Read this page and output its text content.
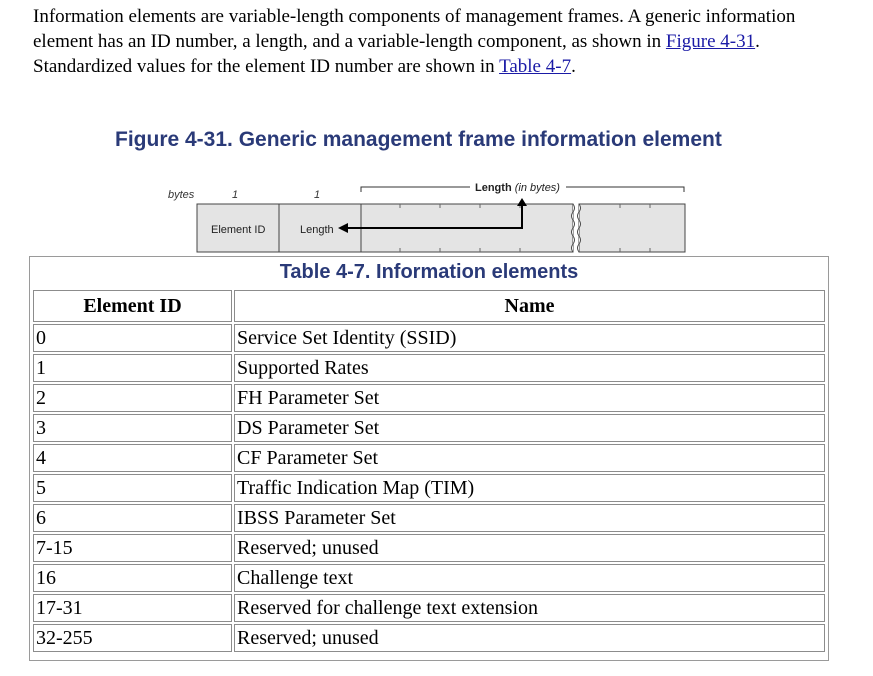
Information elements are variable-length components of management frames. A generic information element has an ID number, a length, and a variable-length component, as shown in Figure 4-31. Standardized values for the element ID number are shown in Table 4-7.

Figure 4-31. Generic management frame information element
bytes	1	1
Length (in bytes)
Element ID	Length
Table 4-7. Information elements
Element ID	Name
0	Service Set Identity (SSID)
1	Supported Rates
2	FH Parameter Set
3	DS Parameter Set
4	CF Parameter Set
5	Traffic Indication Map (TIM)
6	IBSS Parameter Set
7-15	Reserved; unused
16	Challenge text
17-31	Reserved for challenge text extension
32-255	Reserved; unused
